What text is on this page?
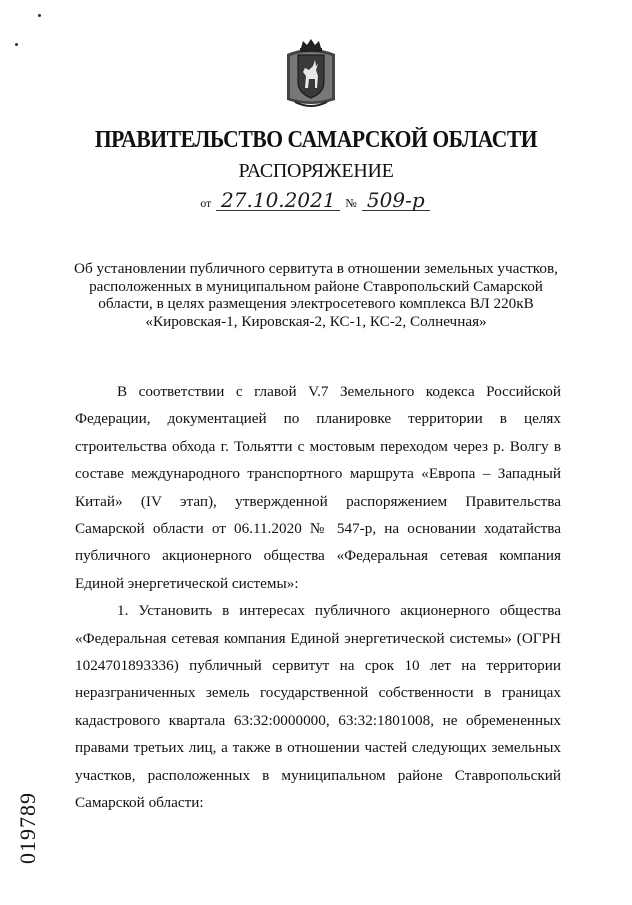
ПРАВИТЕЛЬСТВО САМАРСКОЙ ОБЛАСТИ
РАСПОРЯЖЕНИЕ
от 27.10.2021 № 509-р
Об установлении публичного сервитута в отношении земельных участков, расположенных в муниципальном районе Ставропольский Самарской области, в целях размещения электросетевого комплекса ВЛ 220кВ «Кировская-1, Кировская-2, КС-1, КС-2, Солнечная»

В соответствии с главой V.7 Земельного кодекса Российской Федерации, документацией по планировке территории в целях строительства обхода г. Тольятти с мостовым переходом через р. Волгу в составе международного транспортного маршрута «Европа – Западный Китай» (IV этап), утвержденной распоряжением Правительства Самарской области от 06.11.2020 № 547-р, на основании ходатайства публичного акционерного общества «Федеральная сетевая компания Единой энергетической системы»:

1. Установить в интересах публичного акционерного общества «Федеральная сетевая компания Единой энергетической системы» (ОГРН 1024701893336) публичный сервитут на срок 10 лет на территории неразграниченных земель государственной собственности в границах кадастрового квартала 63:32:0000000, 63:32:1801008, не обремененных правами третьих лиц, а также в отношении частей следующих земельных участков, расположенных в муниципальном районе Ставропольский Самарской области:

019789
